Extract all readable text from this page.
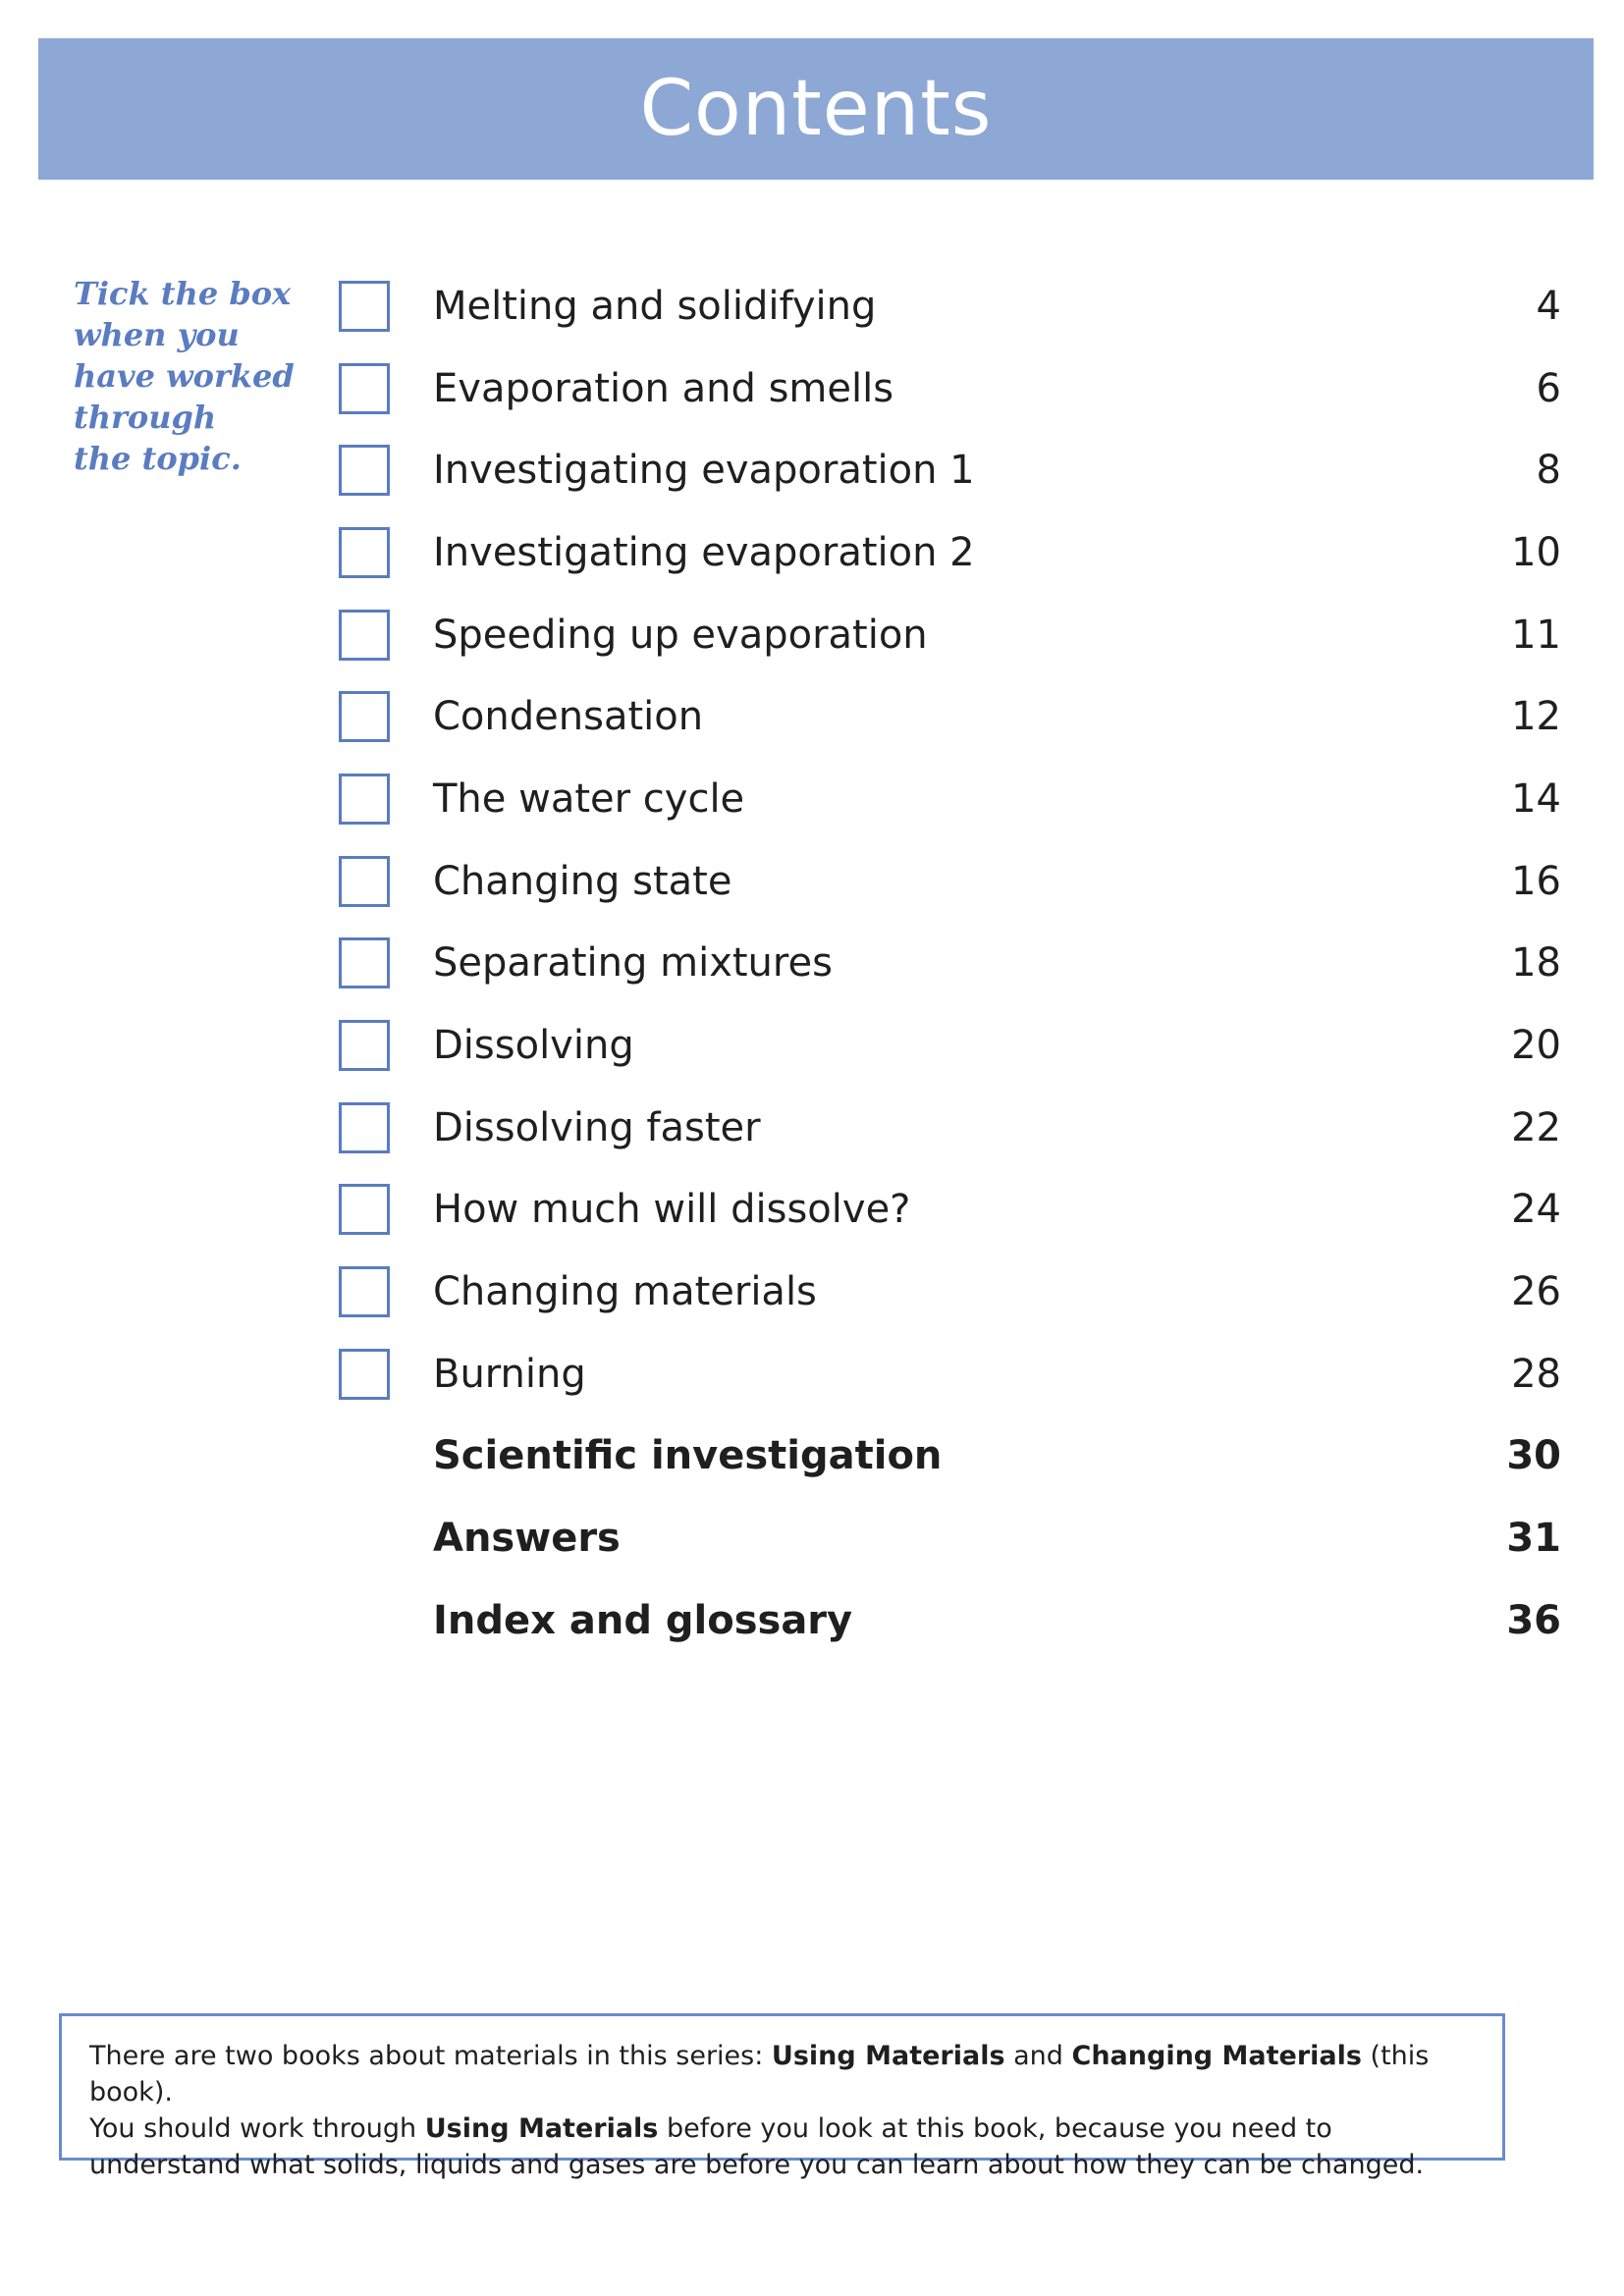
Contents
Tick the box
when you
have worked
through
the topic.
Melting and solidifying	4
Evaporation and smells	6
Investigating evaporation 1	8
Investigating evaporation 2	10
Speeding up evaporation	11
Condensation	12
The water cycle	14
Changing state	16
Separating mixtures	18
Dissolving	20
Dissolving faster	22
How much will dissolve?	24
Changing materials	26
Burning	28
Scientific investigation	30
Answers	31
Index and glossary	36
There are two books about materials in this series: Using Materials and Changing Materials (this book).
You should work through Using Materials before you look at this book, because you need to understand what solids, liquids and gases are before you can learn about how they can be changed.
